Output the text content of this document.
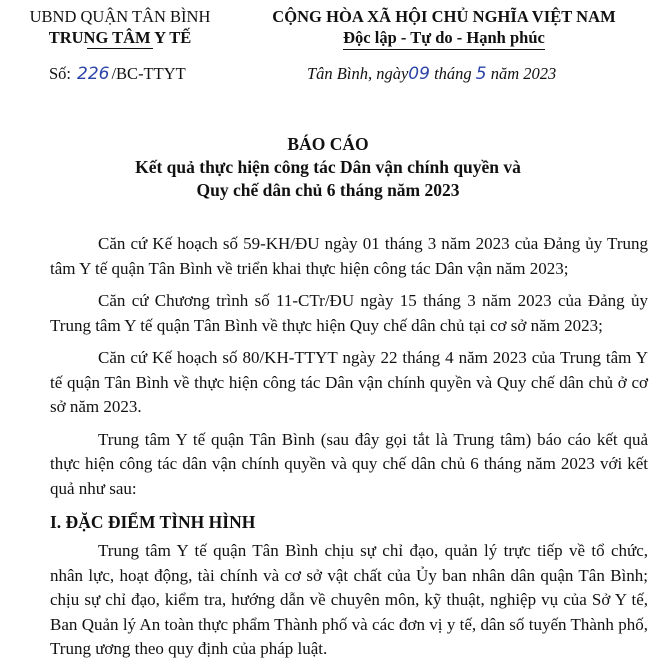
UBND QUẬN TÂN BÌNH
TRUNG TÂM Y TẾ
CỘNG HÒA XÃ HỘI CHỦ NGHĨA VIỆT NAM
Độc lập - Tự do - Hạnh phúc
Số: 226 /BC-TTYT	Tân Bình, ngày09 tháng 5 năm 2023
BÁO CÁO
Kết quả thực hiện công tác Dân vận chính quyền và
Quy chế dân chủ 6 tháng năm 2023

Căn cứ Kế hoạch số 59-KH/ĐU ngày 01 tháng 3 năm 2023 của Đảng ủy Trung tâm Y tế quận Tân Bình về triển khai thực hiện công tác Dân vận năm 2023;

Căn cứ Chương trình số 11-CTr/ĐU ngày 15 tháng 3 năm 2023 của Đảng ủy Trung tâm Y tế quận Tân Bình về thực hiện Quy chế dân chủ tại cơ sở năm 2023;

Căn cứ Kế hoạch số 80/KH-TTYT ngày 22 tháng 4 năm 2023 của Trung tâm Y tế quận Tân Bình về thực hiện công tác Dân vận chính quyền và Quy chế dân chủ ở cơ sở năm 2023.

Trung tâm Y tế quận Tân Bình (sau đây gọi tắt là Trung tâm) báo cáo kết quả thực hiện công tác dân vận chính quyền và quy chế dân chủ 6 tháng năm 2023 với kết quả như sau:

I. ĐẶC ĐIỂM TÌNH HÌNH

Trung tâm Y tế quận Tân Bình chịu sự chỉ đạo, quản lý trực tiếp về tổ chức, nhân lực, hoạt động, tài chính và cơ sở vật chất của Ủy ban nhân dân quận Tân Bình; chịu sự chỉ đạo, kiểm tra, hướng dẫn về chuyên môn, kỹ thuật, nghiệp vụ của Sở Y tế, Ban Quản lý An toàn thực phẩm Thành phố và các đơn vị y tế, dân số tuyến Thành phố, Trung ương theo quy định của pháp luật.
